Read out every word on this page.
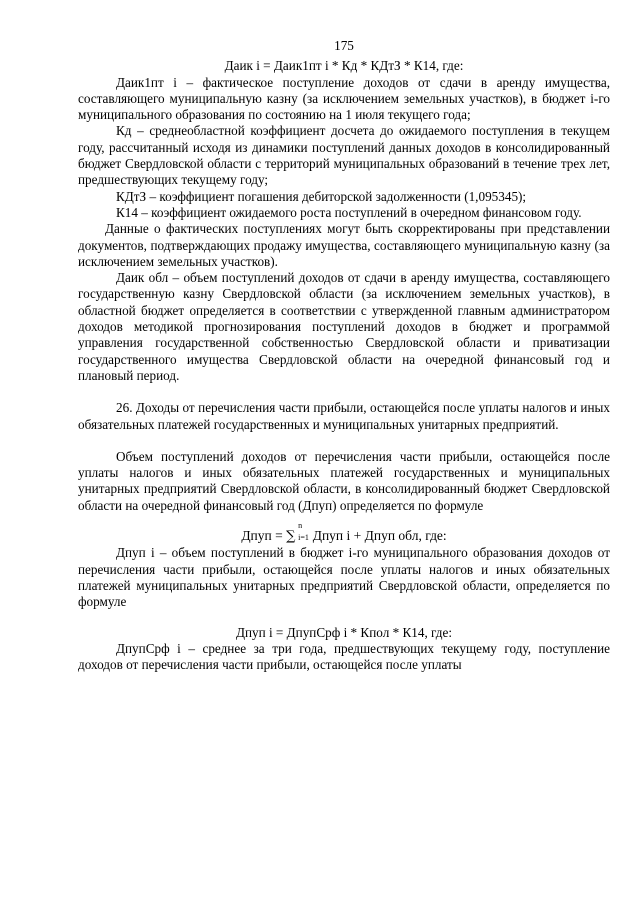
175
Даик i = Даик1пт i * Кд * КДтЗ * К14, где:

Даик1пт i – фактическое поступление доходов от сдачи в аренду имущества, составляющего муниципальную казну (за исключением земельных участков), в бюджет i-го муниципального образования по состоянию на 1 июля текущего года;

Кд – среднеобластной коэффициент досчета до ожидаемого поступления в текущем году, рассчитанный исходя из динамики поступлений данных доходов в консолидированный бюджет Свердловской области с территорий муниципальных образований в течение трех лет, предшествующих текущему году;

КДтЗ – коэффициент погашения дебиторской задолженности (1,095345);

К14 – коэффициент ожидаемого роста поступлений в очередном финансовом году.

Данные о фактических поступлениях могут быть скорректированы при представлении документов, подтверждающих продажу имущества, составляющего муниципальную казну (за исключением земельных участков).

Даик обл – объем поступлений доходов от сдачи в аренду имущества, составляющего государственную казну Свердловской области (за исключением земельных участков), в областной бюджет определяется в соответствии с утвержденной главным администратором доходов методикой прогнозирования поступлений доходов в бюджет и программой управления государственной собственностью Свердловской области и приватизации государственного имущества Свердловской области на очередной финансовый год и плановый период.

26. Доходы от перечисления части прибыли, остающейся после уплаты налогов и иных обязательных платежей государственных и муниципальных унитарных предприятий.

Объем поступлений доходов от перечисления части прибыли, остающейся после уплаты налогов и иных обязательных платежей государственных и муниципальных унитарных предприятий Свердловской области, в консолидированный бюджет Свердловской области на очередной финансовый год (Дпуп) определяется по формуле

Дпуп = ∑
n
i=1 Дпуп i + Дпуп обл, где:

Дпуп i – объем поступлений в бюджет i-го муниципального образования доходов от перечисления части прибыли, остающейся после уплаты налогов и иных обязательных платежей муниципальных унитарных предприятий Свердловской области, определяется по формуле

Дпуп i = ДпупСрф i * Кпол * К14, где:

ДпупСрф i – среднее за три года, предшествующих текущему году, поступление доходов от перечисления части прибыли, остающейся после уплаты
